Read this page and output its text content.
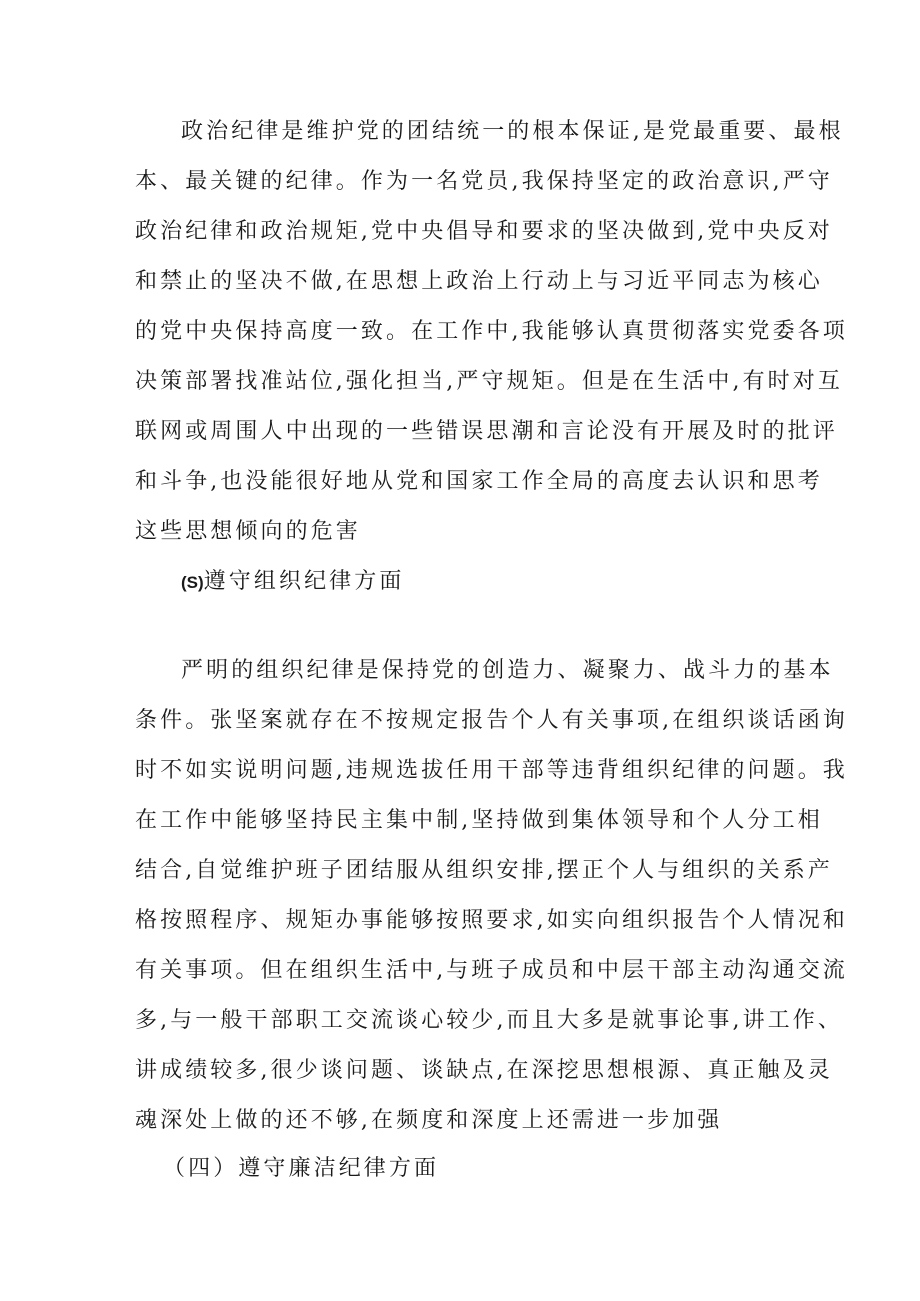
政治纪律是维护党的团结统一的根本保证,是党最重要、最根
本、最关键的纪律。作为一名党员,我保持坚定的政治意识,严守
政治纪律和政治规矩,党中央倡导和要求的坚决做到,党中央反对
和禁止的坚决不做,在思想上政治上行动上与习近平同志为核心
的党中央保持高度一致。在工作中,我能够认真贯彻落实党委各项
决策部署找准站位,强化担当,严守规矩。但是在生活中,有时对互
联网或周围人中出现的一些错误思潮和言论没有开展及时的批评
和斗争,也没能很好地从党和国家工作全局的高度去认识和思考
这些思想倾向的危害
(S)遵守组织纪律方面
严明的组织纪律是保持党的创造力、凝聚力、战斗力的基本
条件。张坚案就存在不按规定报告个人有关事项,在组织谈话函询
时不如实说明问题,违规选拔任用干部等违背组织纪律的问题。我
在工作中能够坚持民主集中制,坚持做到集体领导和个人分工相
结合,自觉维护班子团结服从组织安排,摆正个人与组织的关系产
格按照程序、规矩办事能够按照要求,如实向组织报告个人情况和
有关事项。但在组织生活中,与班子成员和中层干部主动沟通交流
多,与一般干部职工交流谈心较少,而且大多是就事论事,讲工作、
讲成绩较多,很少谈问题、谈缺点,在深挖思想根源、真正触及灵
魂深处上做的还不够,在频度和深度上还需进一步加强
（四）遵守廉洁纪律方面
